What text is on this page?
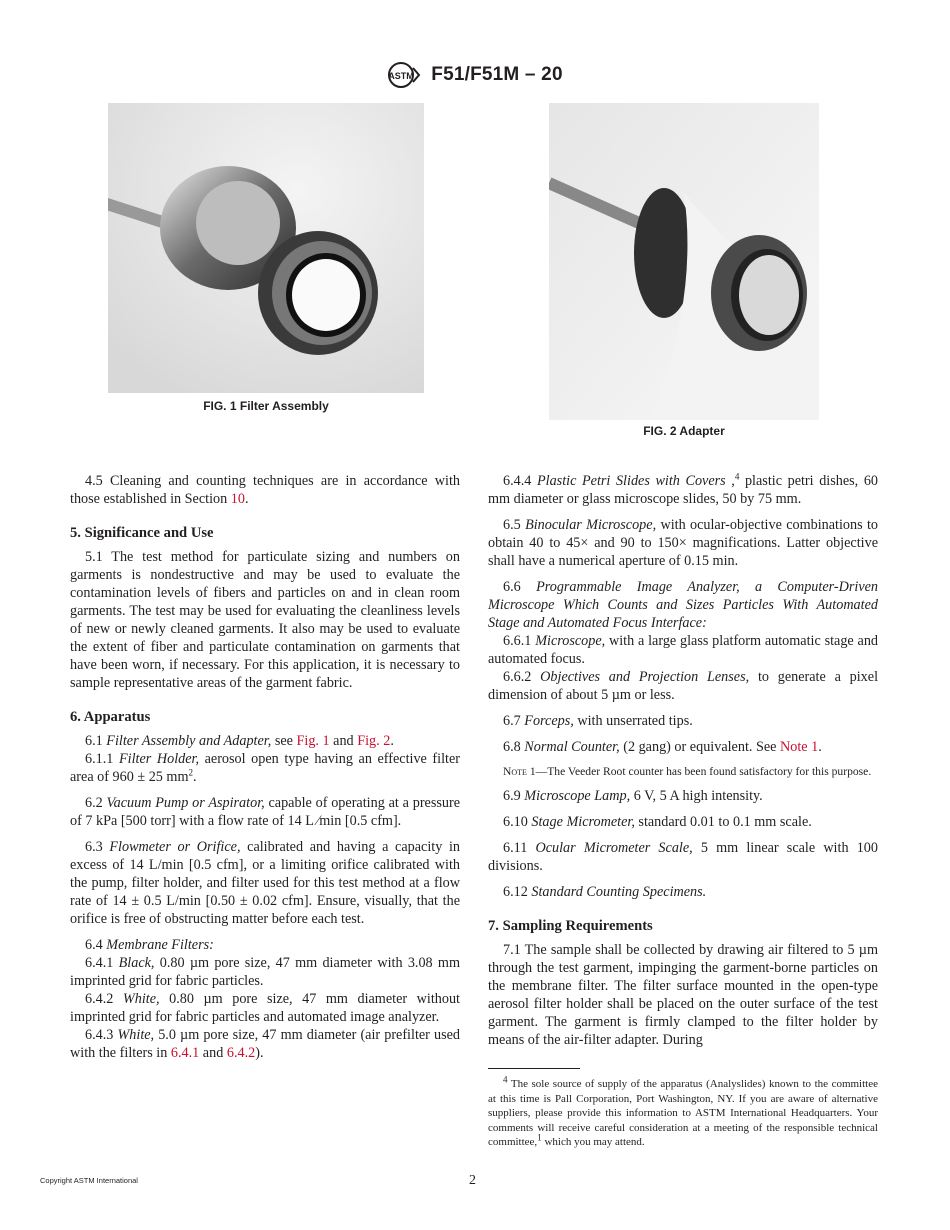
ASTM F51/F51M – 20
FIG. 1 Filter Assembly
FIG. 2 Adapter

4.5 Cleaning and counting techniques are in accordance with those established in Section 10.

5. Significance and Use

5.1 The test method for particulate sizing and numbers on garments is nondestructive and may be used to evaluate the contamination levels of fibers and particles on and in clean room garments. The test may be used for evaluating the cleanliness levels of new or newly cleaned garments. It also may be used to evaluate the extent of fiber and particulate contamination on garments that have been worn, if necessary. For this application, it is necessary to sample representative areas of the garment fabric.

6. Apparatus

6.1 Filter Assembly and Adapter, see Fig. 1 and Fig. 2.

6.1.1 Filter Holder, aerosol open type having an effective filter area of 960 ± 25 $mm^2$.

6.2 Vacuum Pump or Aspirator, capable of operating at a pressure of 7 kPa [500 torr] with a flow rate of 14 L ⁄min [0.5 cfm].

6.3 Flowmeter or Orifice, calibrated and having a capacity in excess of 14 L/min [0.5 cfm], or a limiting orifice calibrated with the pump, filter holder, and filter used for this test method at a flow rate of 14 ± 0.5 L/min [0.50 ± 0.02 cfm]. Ensure, visually, that the orifice is free of obstructing matter before each test.

6.4 Membrane Filters:

6.4.1 Black, 0.80 µm pore size, 47 mm diameter with 3.08 mm imprinted grid for fabric particles.

6.4.2 White, 0.80 µm pore size, 47 mm diameter without imprinted grid for fabric particles and automated image analyzer.

6.4.3 White, 5.0 µm pore size, 47 mm diameter (air prefilter used with the filters in 6.4.1 and 6.4.2).

6.4.4 Plastic Petri Slides with Covers ,$^4$ plastic petri dishes, 60 mm diameter or glass microscope slides, 50 by 75 mm.

6.5 Binocular Microscope, with ocular-objective combinations to obtain 40 to 45× and 90 to 150× magnifications. Latter objective shall have a numerical aperture of 0.15 min.

6.6 Programmable Image Analyzer, a Computer-Driven Microscope Which Counts and Sizes Particles With Automated Stage and Automated Focus Interface:

6.6.1 Microscope, with a large glass platform automatic stage and automated focus.

6.6.2 Objectives and Projection Lenses, to generate a pixel dimension of about 5 µm or less.

6.7 Forceps, with unserrated tips.

6.8 Normal Counter, (2 gang) or equivalent. See Note 1.

Note 1—The Veeder Root counter has been found satisfactory for this purpose.

6.9 Microscope Lamp, 6 V, 5 A high intensity.

6.10 Stage Micrometer, standard 0.01 to 0.1 mm scale.

6.11 Ocular Micrometer Scale, 5 mm linear scale with 100 divisions.

6.12 Standard Counting Specimens.

7. Sampling Requirements

7.1 The sample shall be collected by drawing air filtered to 5 µm through the test garment, impinging the garment-borne particles on the membrane filter. The filter surface mounted in the open-type aerosol filter holder shall be placed on the outer surface of the test garment. The garment is firmly clamped to the filter holder by means of the air-filter adapter. During

$^4$ The sole source of supply of the apparatus (Analyslides) known to the committee at this time is Pall Corporation, Port Washington, NY. If you are aware of alternative suppliers, please provide this information to ASTM International Headquarters. Your comments will receive careful consideration at a meeting of the responsible technical committee,$^1$ which you may attend.
Copyright ASTM International	2
